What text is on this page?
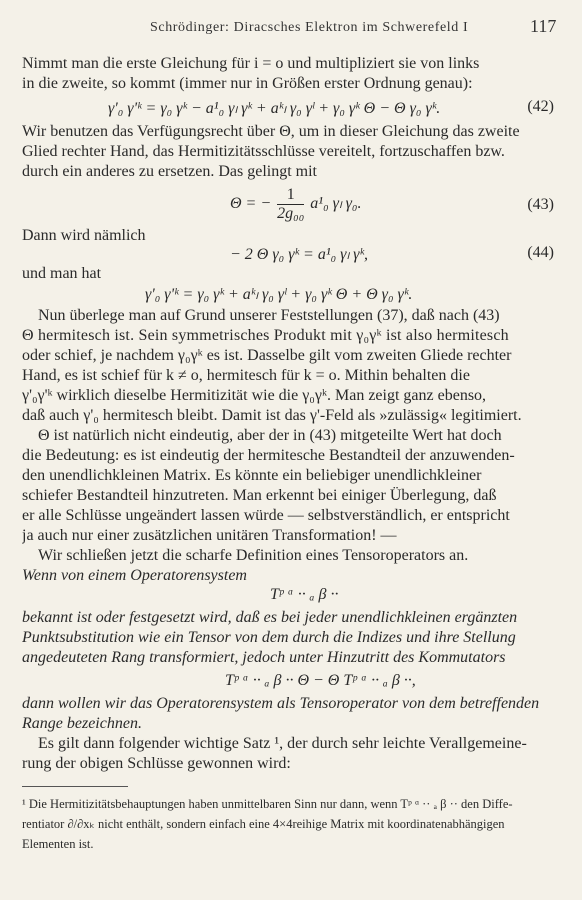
Schrödinger: Diracsches Elektron im Schwerefeld I	117
Nimmt man die erste Gleichung für i = o und multipliziert sie von links
in die zweite, so kommt (immer nur in Größen erster Ordnung genau):
γ'₀ γ'ᵏ = γ₀ γᵏ − a¹₀ γₗ γᵏ + aᵏₗ γ₀ γˡ + γ₀ γᵏ Θ − Θ γ₀ γᵏ.	(42)
Wir benutzen das Verfügungsrecht über Θ, um in dieser Gleichung das zweite
Glied rechter Hand, das Hermitizitätsschlüsse vereitelt, fortzuschaffen bzw.
durch ein anderes zu ersetzen. Das gelingt mit
Θ = − $\frac{1}{\text{2g₀₀}} a^1_0$ γₗ γ₀.	(43)
Dann wird nämlich
− 2 Θ γ₀ γᵏ = a¹₀ γₗ γᵏ,	(44)
und man hat
γ'₀ γ'ᵏ = γ₀ γᵏ + aᵏₗ γ₀ γˡ + γ₀ γᵏ Θ + Θ γ₀ γᵏ.
Nun überlege man auf Grund unserer Feststellungen (37), daß nach (43)
Θ hermitesch ist. Sein symmetrisches Produkt mit γ₀γᵏ ist also hermitesch
oder schief, je nachdem γ₀γᵏ es ist. Dasselbe gilt vom zweiten Gliede rechter
Hand, es ist schief für k ≠ o, hermitesch für k = o. Mithin behalten die
γ'₀γ'ᵏ wirklich dieselbe Hermitizität wie die γ₀γᵏ. Man zeigt ganz ebenso,
daß auch γ'₀ hermitesch bleibt. Damit ist das γ'-Feld als »zulässig« legitimiert.
Θ ist natürlich nicht eindeutig, aber der in (43) mitgeteilte Wert hat doch
die Bedeutung: es ist eindeutig der hermitesche Bestandteil der anzuwenden-
den unendlichkleinen Matrix. Es könnte ein beliebiger unendlichkleiner
schiefer Bestandteil hinzutreten. Man erkennt bei einiger Überlegung, daß
er alle Schlüsse ungeändert lassen würde — selbstverständlich, er entspricht
ja auch nur einer zusätzlichen unitären Transformation! —
Wir schließen jetzt die scharfe Definition eines Tensoroperators an.
Wenn von einem Operatorensystem
Tᵖ ᵅ ·· ₐ β ··
bekannt ist oder festgesetzt wird, daß es bei jeder unendlichkleinen ergänzten
Punktsubstitution wie ein Tensor von dem durch die Indizes und ihre Stellung
angedeuteten Rang transformiert, jedoch unter Hinzutritt des Kommutators
Tᵖ ᵅ ·· ₐ β ·· Θ − Θ Tᵖ ᵅ ·· ₐ β ··,
dann wollen wir das Operatorensystem als Tensoroperator von dem betreffenden
Range bezeichnen.
Es gilt dann folgender wichtige Satz ¹, der durch sehr leichte Verallgemeine-
rung der obigen Schlüsse gewonnen wird:
¹ Die Hermitizitätsbehauptungen haben unmittelbaren Sinn nur dann, wenn Tᵖ ᵅ ·· ₐ β ·· den Diffe-
rentiator ∂/∂xₖ nicht enthält, sondern einfach eine 4×4reihige Matrix mit koordinatenabhängigen
Elementen ist.
